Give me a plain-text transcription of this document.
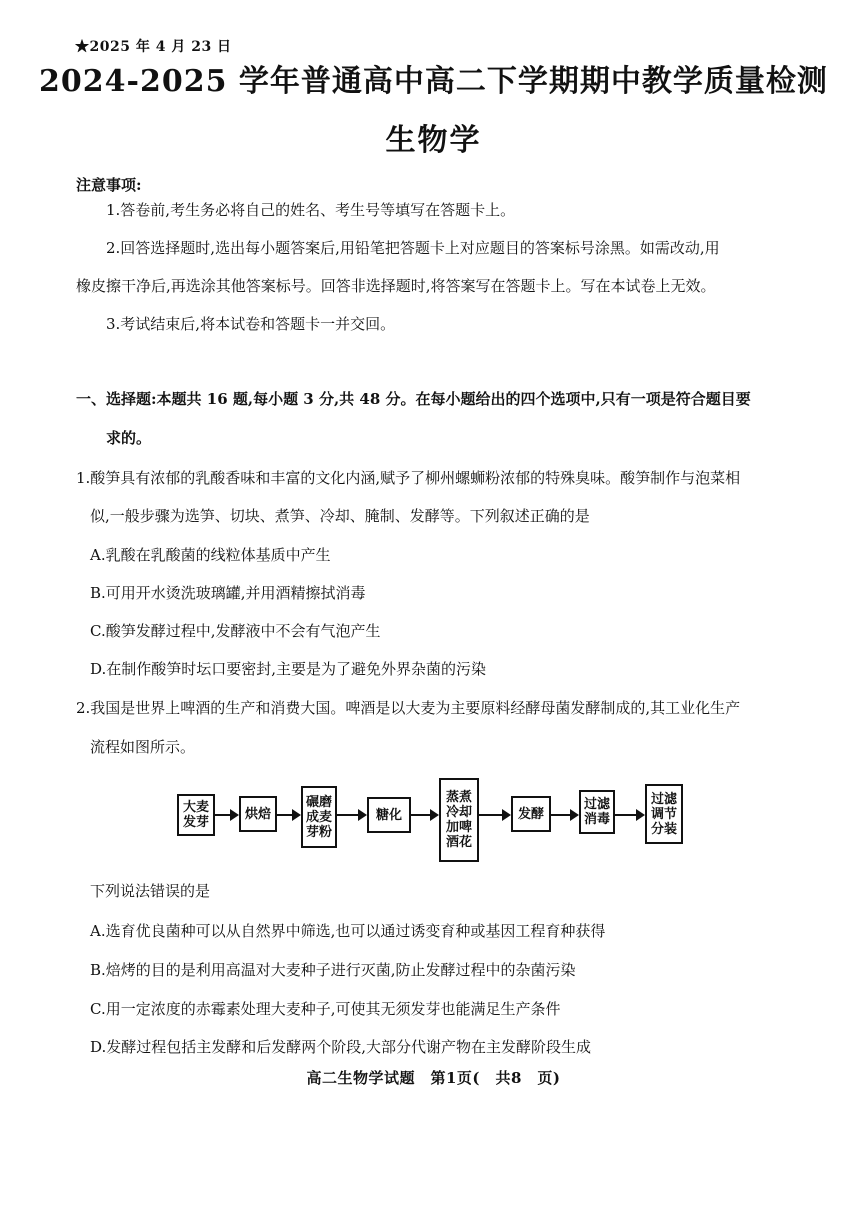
★2025 年 4 月 23 日
2024-2025 学年普通高中高二下学期期中教学质量检测
生物学
注意事项:
1.答卷前,考生务必将自己的姓名、考生号等填写在答题卡上。
2.回答选择题时,选出每小题答案后,用铅笔把答题卡上对应题目的答案标号涂黑。如需改动,用
橡皮擦干净后,再选涂其他答案标号。回答非选择题时,将答案写在答题卡上。写在本试卷上无效。
3.考试结束后,将本试卷和答题卡一并交回。
一、选择题:本题共 16 题,每小题 3 分,共 48 分。在每小题给出的四个选项中,只有一项是符合题目要
求的。
1.酸笋具有浓郁的乳酸香味和丰富的文化内涵,赋予了柳州螺蛳粉浓郁的特殊臭味。酸笋制作与泡菜相
似,一般步骤为选笋、切块、煮笋、冷却、腌制、发酵等。下列叙述正确的是
A.乳酸在乳酸菌的线粒体基质中产生
B.可用开水烫洗玻璃罐,并用酒精擦拭消毒
C.酸笋发酵过程中,发酵液中不会有气泡产生
D.在制作酸笋时坛口要密封,主要是为了避免外界杂菌的污染
2.我国是世界上啤酒的生产和消费大国。啤酒是以大麦为主要原料经酵母菌发酵制成的,其工业化生产
流程如图所示。
大麦
发芽
烘焙
碾磨
成麦
芽粉
糖化
蒸煮
冷却
加啤
酒花
发酵
过滤
消毒
过滤
调节
分装
下列说法错误的是
A.选育优良菌种可以从自然界中筛选,也可以通过诱变育种或基因工程育种获得
B.焙烤的目的是利用高温对大麦种子进行灭菌,防止发酵过程中的杂菌污染
C.用一定浓度的赤霉素处理大麦种子,可使其无须发芽也能满足生产条件
D.发酵过程包括主发酵和后发酵两个阶段,大部分代谢产物在主发酵阶段生成
高二生物学试题　第1页(　共8　页)
